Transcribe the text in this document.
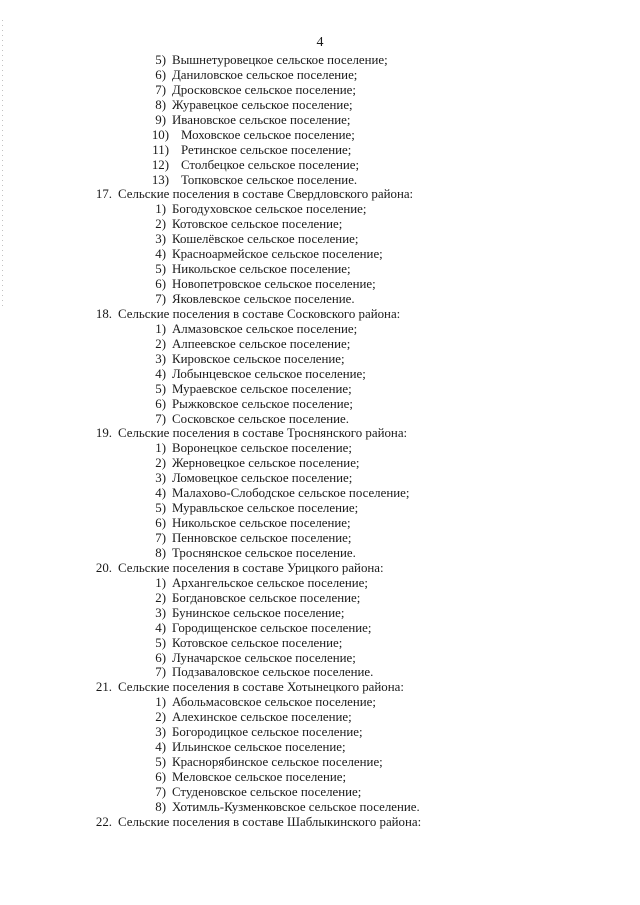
4
5) Вышнетуровецкое сельское поселение;
6) Даниловское сельское поселение;
7) Дросковское сельское поселение;
8) Журавецкое сельское поселение;
9) Ивановское сельское поселение;
10) Моховское сельское поселение;
11) Ретинское сельское поселение;
12) Столбецкое сельское поселение;
13) Топковское сельское поселение.
17. Сельские поселения в составе Свердловского района:
1) Богодуховское сельское поселение;
2) Котовское сельское поселение;
3) Кошелёвское сельское поселение;
4) Красноармейское сельское поселение;
5) Никольское сельское поселение;
6) Новопетровское сельское поселение;
7) Яковлевское сельское поселение.
18. Сельские поселения в составе Сосковского района:
1) Алмазовское сельское поселение;
2) Алпеевское сельское поселение;
3) Кировское сельское поселение;
4) Лобынцевское сельское поселение;
5) Мураевское сельское поселение;
6) Рыжковское сельское поселение;
7) Сосковское сельское поселение.
19. Сельские поселения в составе Троснянского района:
1) Воронецкое сельское поселение;
2) Жерновецкое сельское поселение;
3) Ломовецкое сельское поселение;
4) Малахово-Слободское сельское поселение;
5) Муравльское сельское поселение;
6) Никольское сельское поселение;
7) Пенновское сельское поселение;
8) Троснянское сельское поселение.
20. Сельские поселения в составе Урицкого района:
1) Архангельское сельское поселение;
2) Богдановское сельское поселение;
3) Бунинское сельское поселение;
4) Городищенское сельское поселение;
5) Котовское сельское поселение;
6) Луначарское сельское поселение;
7) Подзаваловское сельское поселение.
21. Сельские поселения в составе Хотынецкого района:
1) Абольмасовское сельское поселение;
2) Алехинское сельское поселение;
3) Богородицкое сельское поселение;
4) Ильинское сельское поселение;
5) Краснорябинское сельское поселение;
6) Меловское сельское поселение;
7) Студеновское сельское поселение;
8) Хотимль-Кузменковское сельское поселение.
22. Сельские поселения в составе Шаблыкинского района:
